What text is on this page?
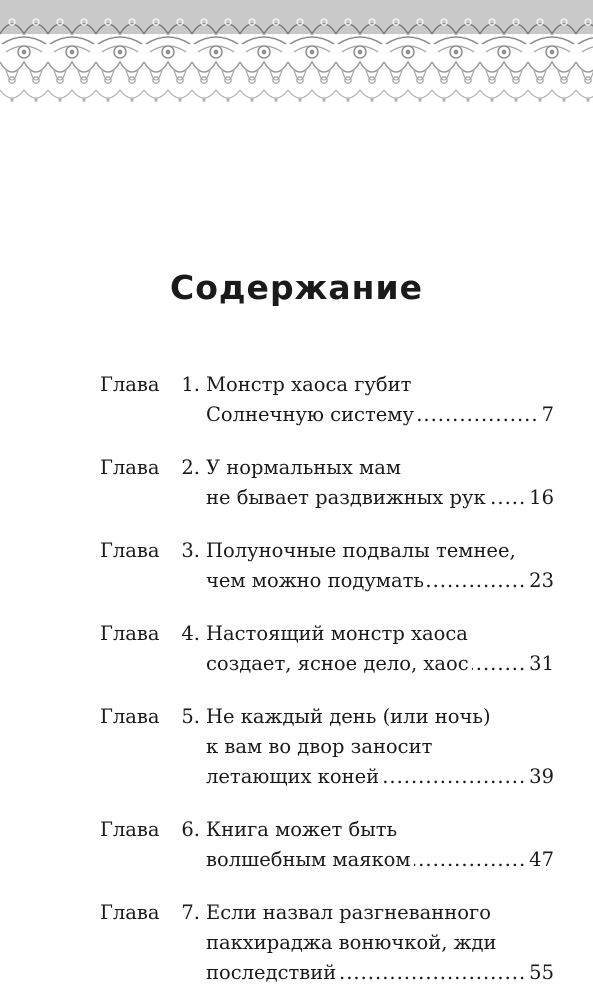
Содержание
Глава 1. Монстр хаоса губит
Солнечную систему .....	7
Глава 2. У нормальных мам
не бывает раздвижных рук ..... 16
Глава 3. Полуночные подвалы темнее,
чем можно подумать .....	23
Глава 4. Настоящий монстр хаоса
создает, ясное дело, хаос .....	31
Глава 5. Не каждый день (или ночь)
к вам во двор заносит
летающих коней .....	39
Глава 6. Книга может быть
волшебным маяком .....	47
Глава 7. Если назвал разгневанного
пакхираджа вонючкой, жди
последствий .....	55
